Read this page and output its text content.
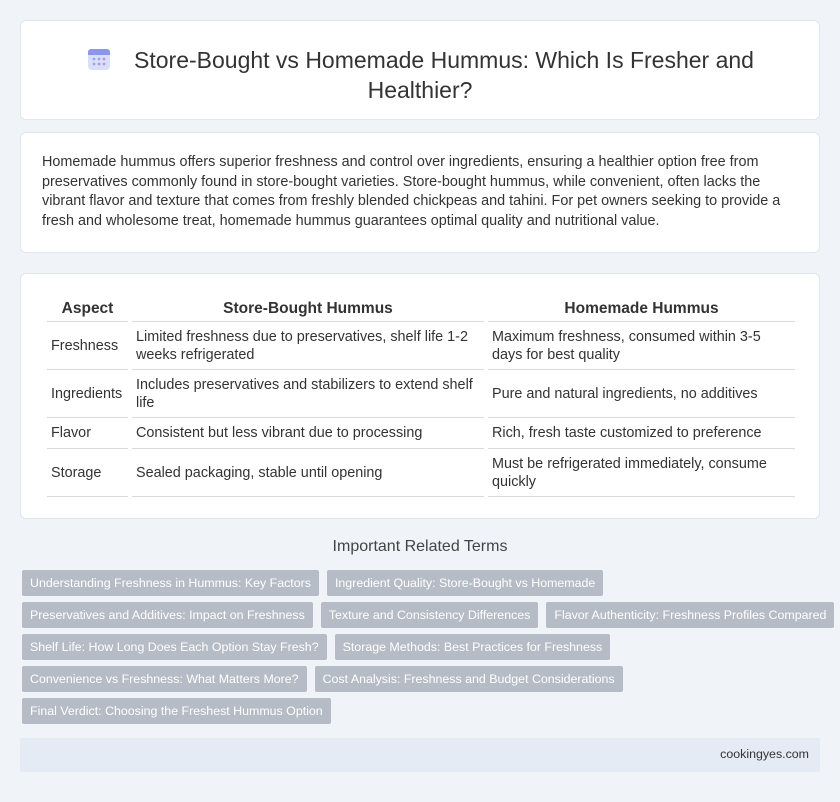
Store-Bought vs Homemade Hummus: Which Is Fresher and Healthier?

Homemade hummus offers superior freshness and control over ingredients, ensuring a healthier option free from preservatives commonly found in store-bought varieties. Store-bought hummus, while convenient, often lacks the vibrant flavor and texture that comes from freshly blended chickpeas and tahini. For pet owners seeking to provide a fresh and wholesome treat, homemade hummus guarantees optimal quality and nutritional value.

Aspect	Store-Bought Hummus	Homemade Hummus
Freshness	Limited freshness due to preservatives, shelf life 1-2 weeks refrigerated	Maximum freshness, consumed within 3-5 days for best quality
Ingredients	Includes preservatives and stabilizers to extend shelf life	Pure and natural ingredients, no additives
Flavor	Consistent but less vibrant due to processing	Rich, fresh taste customized to preference
Storage	Sealed packaging, stable until opening	Must be refrigerated immediately, consume quickly
Important Related Terms
Understanding Freshness in Hummus: Key Factors	Ingredient Quality: Store-Bought vs Homemade
Preservatives and Additives: Impact on Freshness	Texture and Consistency Differences	Flavor Authenticity: Freshness Profiles Compared
Shelf Life: How Long Does Each Option Stay Fresh?	Storage Methods: Best Practices for Freshness
Convenience vs Freshness: What Matters More?	Cost Analysis: Freshness and Budget Considerations
Final Verdict: Choosing the Freshest Hummus Option
cookingyes.com
